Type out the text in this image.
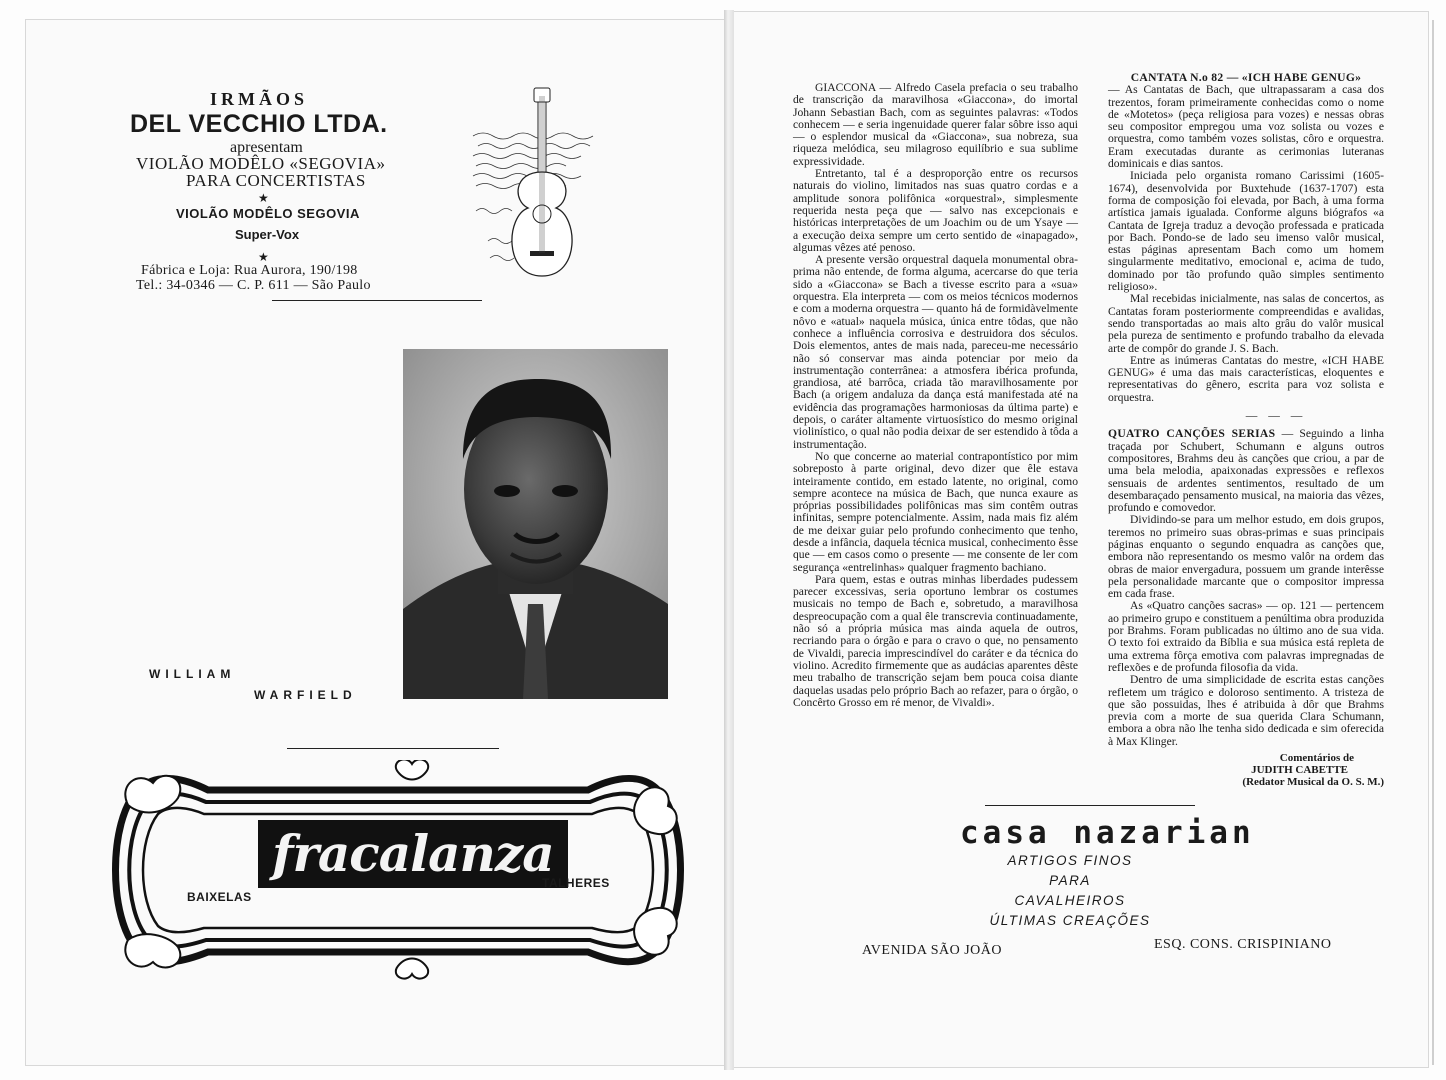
IRMÃOS
DEL VECCHIO LTDA.
apresentam
VIOLÃO MODÊLO «SEGOVIA»
PARA CONCERTISTAS
★
VIOLÃO MODÊLO SEGOVIA
Super-Vox
★
Fábrica e Loja: Rua Aurora, 190/198
Tel.: 34-0346 — C. P. 611 — São Paulo
WILLIAM
WARFIELD
fracalanza
BAIXELAS
TALHERES

GIACCONA — Alfredo Casela prefacia o seu trabalho de transcrição da maravilhosa «Giaccona», do imortal Johann Sebastian Bach, com as seguintes palavras: «Todos conhecem — e seria ingenuidade querer falar sôbre isso aqui — o esplendor musical da «Giaccona», sua nobreza, sua riqueza melódica, seu milagroso equilíbrio e sua sublime expressividade.

Entretanto, tal é a desproporção entre os recursos naturais do violino, limitados nas suas quatro cordas e a amplitude sonora polifônica «orquestral», simplesmente requerida nesta peça que — salvo nas excepcionais e históricas interpretações de um Joachim ou de um Ysaye — a execução deixa sempre um certo sentido de «inapagado», algumas vêzes até penoso.

A presente versão orquestral daquela monumental obra-prima não entende, de forma alguma, acercarse do que teria sido a «Giaccona» se Bach a tivesse escrito para a «sua» orquestra. Ela interpreta — com os meios técnicos modernos e com a moderna orquestra — quanto há de formidàvelmente nôvo e «atual» naquela música, única entre tôdas, que não conhece a influência corrosiva e destruidora dos séculos. Dois elementos, antes de mais nada, pareceu-me necessário não só conservar mas ainda potenciar por meio da instrumentação conterrânea: a atmosfera ibérica profunda, grandiosa, até barrôca, criada tão maravilhosamente por Bach (a origem andaluza da dança está manifestada até na evidência das programações harmoniosas da última parte) e depois, o caráter altamente virtuosístico do mesmo original violinístico, o qual não podia deixar de ser estendido à tôda a instrumentação.

No que concerne ao material contrapontístico por mim sobreposto à parte original, devo dizer que êle estava inteiramente contido, em estado latente, no original, como sempre acontece na música de Bach, que nunca exaure as próprias possibilidades polifônicas mas sim contêm outras infinitas, sempre potencialmente. Assim, nada mais fiz além de me deixar guiar pelo profundo conhecimento que tenho, desde a infância, daquela técnica musical, conhecimento êsse que — em casos como o presente — me consente de ler com segurança «entrelinhas» qualquer fragmento bachiano.

Para quem, estas e outras minhas liberdades pudessem parecer excessivas, seria oportuno lembrar os costumes musicais no tempo de Bach e, sobretudo, a maravilhosa despreocupação com a qual êle transcrevia continuadamente, não só a própria música mas ainda aquela de outros, recriando para o órgão e para o cravo o que, no pensamento de Vivaldi, parecia imprescindível do caráter e da técnica do violino. Acredito firmemente que as audácias aparentes dêste meu trabalho de transcrição sejam bem pouca coisa diante daquelas usadas pelo próprio Bach ao refazer, para o órgão, o Concêrto Grosso em ré menor, de Vivaldi».

CANTATA N.o 82 — «ICH HABE GENUG»

— As Cantatas de Bach, que ultrapassaram a casa dos trezentos, foram primeiramente conhecidas como o nome de «Motetos» (peça religiosa para vozes) e nessas obras seu compositor empregou uma voz solista ou vozes e orquestra, como também vozes solistas, côro e orquestra. Eram executadas durante as cerimonias luteranas dominicais e dias santos.

Iniciada pelo organista romano Carissimi (1605-1674), desenvolvida por Buxtehude (1637-1707) esta forma de composição foi elevada, por Bach, à uma forma artística jamais igualada. Conforme alguns biógrafos «a Cantata de Igreja traduz a devoção professada e praticada por Bach. Pondo-se de lado seu imenso valôr musical, estas páginas apresentam Bach como um homem singularmente meditativo, emocional e, acima de tudo, dominado por tão profundo quão simples sentimento religioso».

Mal recebidas inicialmente, nas salas de concertos, as Cantatas foram posteriormente compreendidas e avalidas, sendo transportadas ao mais alto grâu do valôr musical pela pureza de sentimento e profundo trabalho da elevada arte de compôr do grande J. S. Bach.

Entre as inúmeras Cantatas do mestre, «ICH HABE GENUG» é uma das mais características, eloquentes e representativas do gênero, escrita para voz solista e orquestra.

— — —

QUATRO CANÇÕES SERIAS — Seguindo a linha traçada por Schubert, Schumann e alguns outros compositores, Brahms deu às canções que criou, a par de uma bela melodia, apaixonadas expressões e reflexos sensuais de ardentes sentimentos, resultado de um desembaraçado pensamento musical, na maioria das vêzes, profundo e comovedor.

Dividindo-se para um melhor estudo, em dois grupos, teremos no primeiro suas obras-primas e suas principais páginas enquanto o segundo enquadra as canções que, embora não representando os mesmo valôr na ordem das obras de maior envergadura, possuem um grande interêsse pela personalidade marcante que o compositor impressa em cada frase.

As «Quatro canções sacras» — op. 121 — pertencem ao primeiro grupo e constituem a penúltima obra produzida por Brahms. Foram publicadas no último ano de sua vida. O texto foi extraido da Bíblia e sua música está repleta de uma extrema fôrça emotiva com palavras impregnadas de reflexões e de profunda filosofia da vida.

Dentro de uma simplicidade de escrita estas canções refletem um trágico e doloroso sentimento. A tristeza de que são possuidas, lhes é atribuida à dôr que Brahms previa com a morte de sua querida Clara Schumann, embora a obra não lhe tenha sido dedicada e sim oferecida à Max Klinger.

Comentários de
JUDITH CABETTE
(Redator Musical da O. S. M.)
casa nazarian
ARTIGOS FINOS
PARA
CAVALHEIROS
ÚLTIMAS CREAÇÕES
AVENIDA SÃO JOÃO	ESQ. CONS. CRISPINIANO
